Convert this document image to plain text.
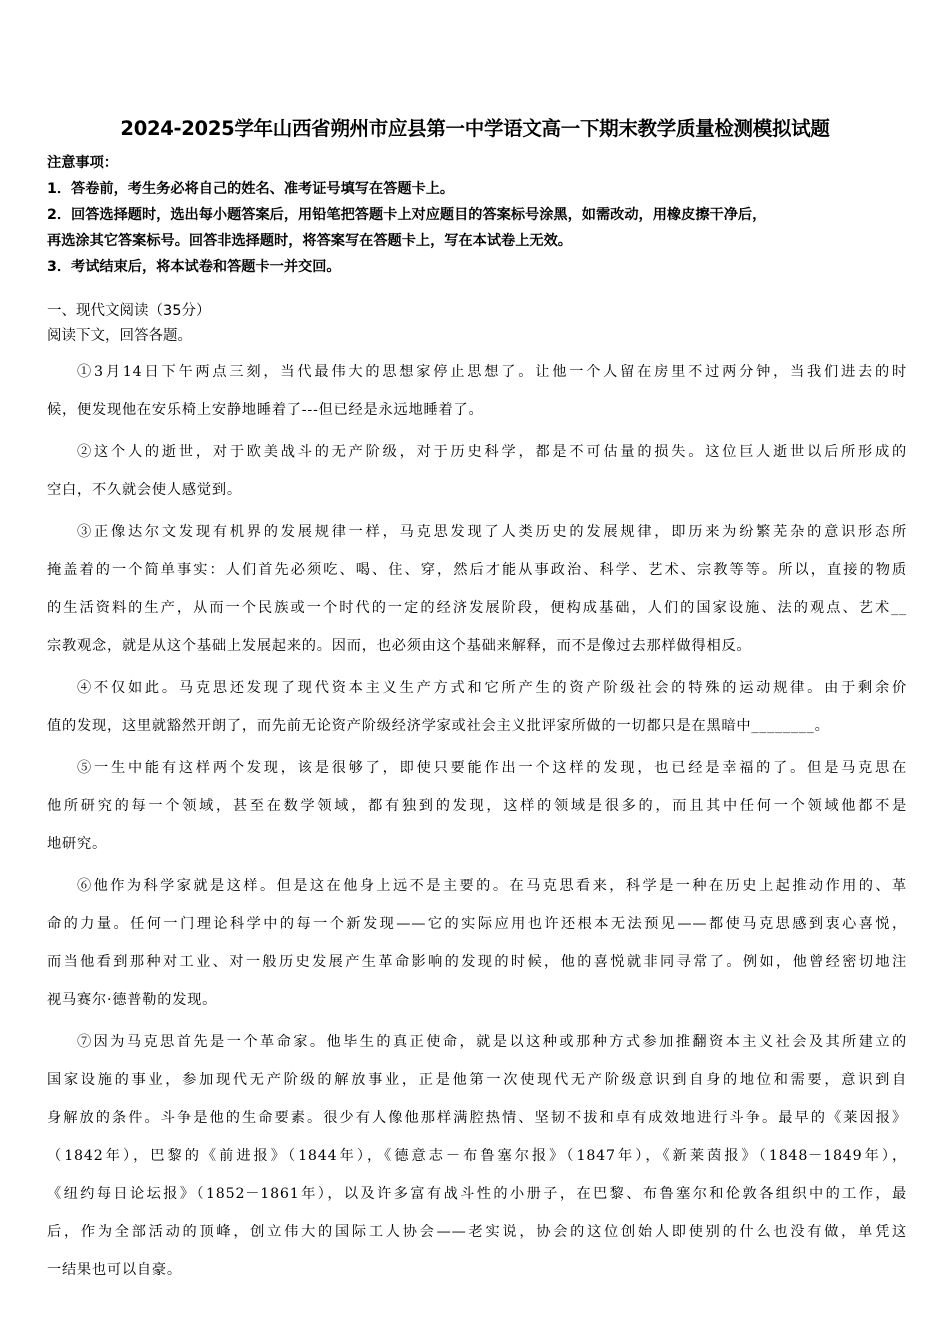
2024-2025学年山西省朔州市应县第一中学语文高一下期末教学质量检测模拟试题
注意事项：
1．答卷前，考生务必将自己的姓名、准考证号填写在答题卡上。
2．回答选择题时，选出每小题答案后，用铅笔把答题卡上对应题目的答案标号涂黑，如需改动，用橡皮擦干净后，
再选涂其它答案标号。回答非选择题时，将答案写在答题卡上，写在本试卷上无效。
3．考试结束后，将本试卷和答题卡一并交回。
一、现代文阅读（35分）
阅读下文，回答各题。
①3月14日下午两点三刻，当代最伟大的思想家停止思想了。让他一个人留在房里不过两分钟，当我们进去的时
候，便发现他在安乐椅上安静地睡着了---但已经是永远地睡着了。
②这个人的逝世，对于欧美战斗的无产阶级，对于历史科学，都是不可估量的损失。这位巨人逝世以后所形成的
空白，不久就会使人感觉到。
③正像达尔文发现有机界的发展规律一样，马克思发现了人类历史的发展规律，即历来为纷繁芜杂的意识形态所
掩盖着的一个简单事实：人们首先必须吃、喝、住、穿，然后才能从事政治、科学、艺术、宗教等等。所以，直接的物质
的生活资料的生产，从而一个民族或一个时代的一定的经济发展阶段，便构成基础，人们的国家设施、法的观点、艺术__
宗教观念，就是从这个基础上发展起来的。因而，也必须由这个基础来解释，而不是像过去那样做得相反。
④不仅如此。马克思还发现了现代资本主义生产方式和它所产生的资产阶级社会的特殊的运动规律。由于剩余价
值的发现，这里就豁然开朗了，而先前无论资产阶级经济学家或社会主义批评家所做的一切都只是在黑暗中________。
⑤一生中能有这样两个发现，该是很够了，即使只要能作出一个这样的发现，也已经是幸福的了。但是马克思在
他所研究的每一个领域，甚至在数学领域，都有独到的发现，这样的领域是很多的，而且其中任何一个领域他都不是
地研究。
⑥他作为科学家就是这样。但是这在他身上远不是主要的。在马克思看来，科学是一种在历史上起推动作用的、革
命的力量。任何一门理论科学中的每一个新发现——它的实际应用也许还根本无法预见——都使马克思感到衷心喜悦，
而当他看到那种对工业、对一般历史发展产生革命影响的发现的时候，他的喜悦就非同寻常了。例如，他曾经密切地注
视马赛尔·德普勒的发现。
⑦因为马克思首先是一个革命家。他毕生的真正使命，就是以这种或那种方式参加推翻资本主义社会及其所建立的
国家设施的事业，参加现代无产阶级的解放事业，正是他第一次使现代无产阶级意识到自身的地位和需要，意识到自
身解放的条件。斗争是他的生命要素。很少有人像他那样满腔热情、坚韧不拔和卓有成效地进行斗争。最早的《莱因报》
（1842年），巴黎的《前进报》（1844年），《德意志－布鲁塞尔报》（1847年），《新莱茵报》（1848－1849年），
《纽约每日论坛报》（1852－1861年），以及许多富有战斗性的小册子，在巴黎、布鲁塞尔和伦敦各组织中的工作，最
后，作为全部活动的顶峰，创立伟大的国际工人协会——老实说，协会的这位创始人即使别的什么也没有做，单凭这
一结果也可以自豪。
